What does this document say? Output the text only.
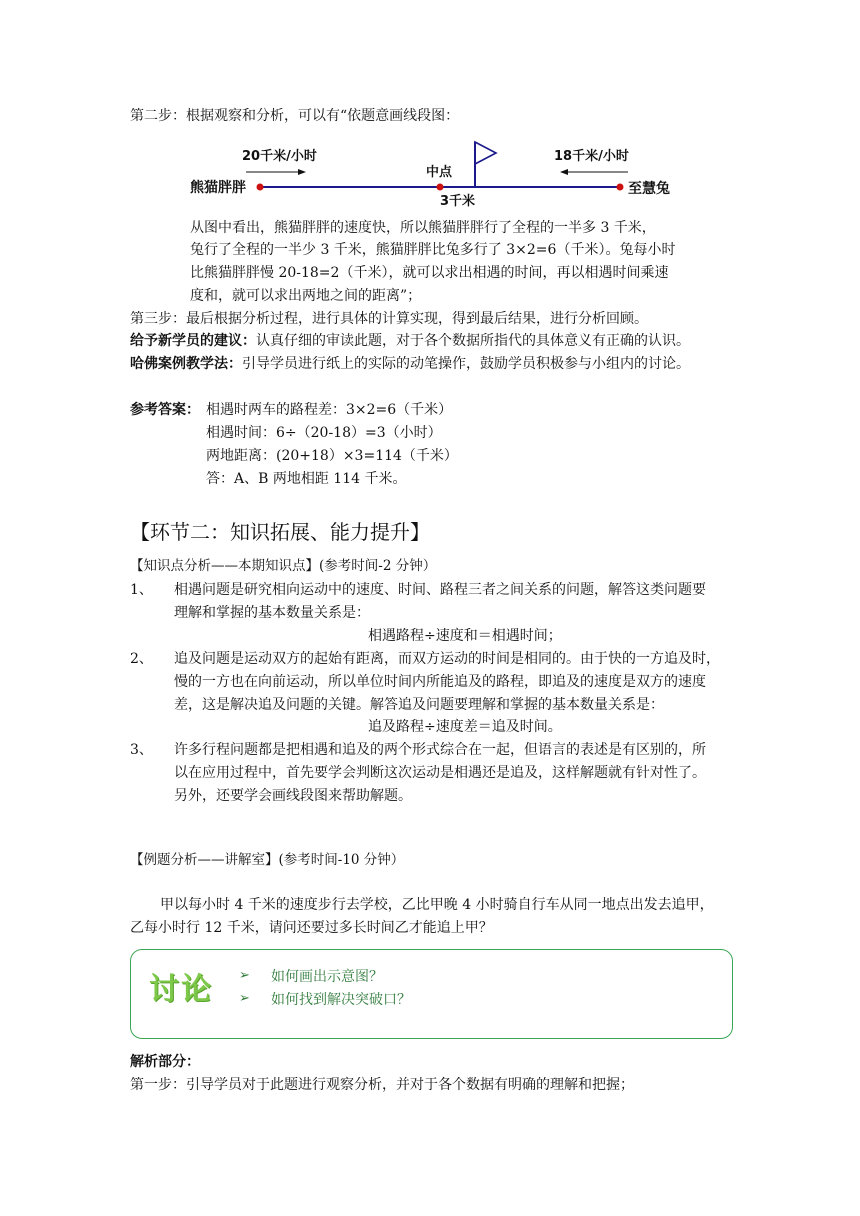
第二步：根据观察和分析，可以有“依题意画线段图：
20千米/小时	18千米/小时
熊猫胖胖	至慧兔
中点
3千米
从图中看出，熊猫胖胖的速度快，所以熊猫胖胖行了全程的一半多 3 千米，
兔行了全程的一半少 3 千米，熊猫胖胖比兔多行了 3×2=6（千米）。兔每小时
比熊猫胖胖慢 20-18=2（千米），就可以求出相遇的时间，再以相遇时间乘速
度和，就可以求出两地之间的距离”；
第三步：最后根据分析过程，进行具体的计算实现，得到最后结果，进行分析回顾。
给予新学员的建议：认真仔细的审读此题，对于各个数据所指代的具体意义有正确的认识。
哈佛案例教学法：引导学员进行纸上的实际的动笔操作，鼓励学员积极参与小组内的讨论。
参考答案： 相遇时两车的路程差：3×2=6（千米）
相遇时间：6÷（20-18）=3（小时）
两地距离：(20+18）×3=114（千米）
答：A、B 两地相距 114 千米。
【环节二：知识拓展、能力提升】
【知识点分析——本期知识点】(参考时间-2 分钟）
1、 相遇问题是研究相向运动中的速度、时间、路程三者之间关系的问题，解答这类问题要
理解和掌握的基本数量关系是：
相遇路程÷速度和＝相遇时间；
2、 追及问题是运动双方的起始有距离，而双方运动的时间是相同的。由于快的一方追及时，
慢的一方也在向前运动，所以单位时间内所能追及的路程，即追及的速度是双方的速度
差，这是解决追及问题的关键。解答追及问题要理解和掌握的基本数量关系是：
追及路程÷速度差＝追及时间。
3、 许多行程问题都是把相遇和追及的两个形式综合在一起，但语言的表述是有区别的，所
以在应用过程中，首先要学会判断这次运动是相遇还是追及，这样解题就有针对性了。
另外，还要学会画线段图来帮助解题。
【例题分析——讲解室】(参考时间-10 分钟）
甲以每小时 4 千米的速度步行去学校，乙比甲晚 4 小时骑自行车从同一地点出发去追甲，
乙每小时行 12 千米，请问还要过多长时间乙才能追上甲？
讨论 ➢ 如何画出示意图？
➢ 如何找到解决突破口？
解析部分：
第一步：引导学员对于此题进行观察分析，并对于各个数据有明确的理解和把握；
